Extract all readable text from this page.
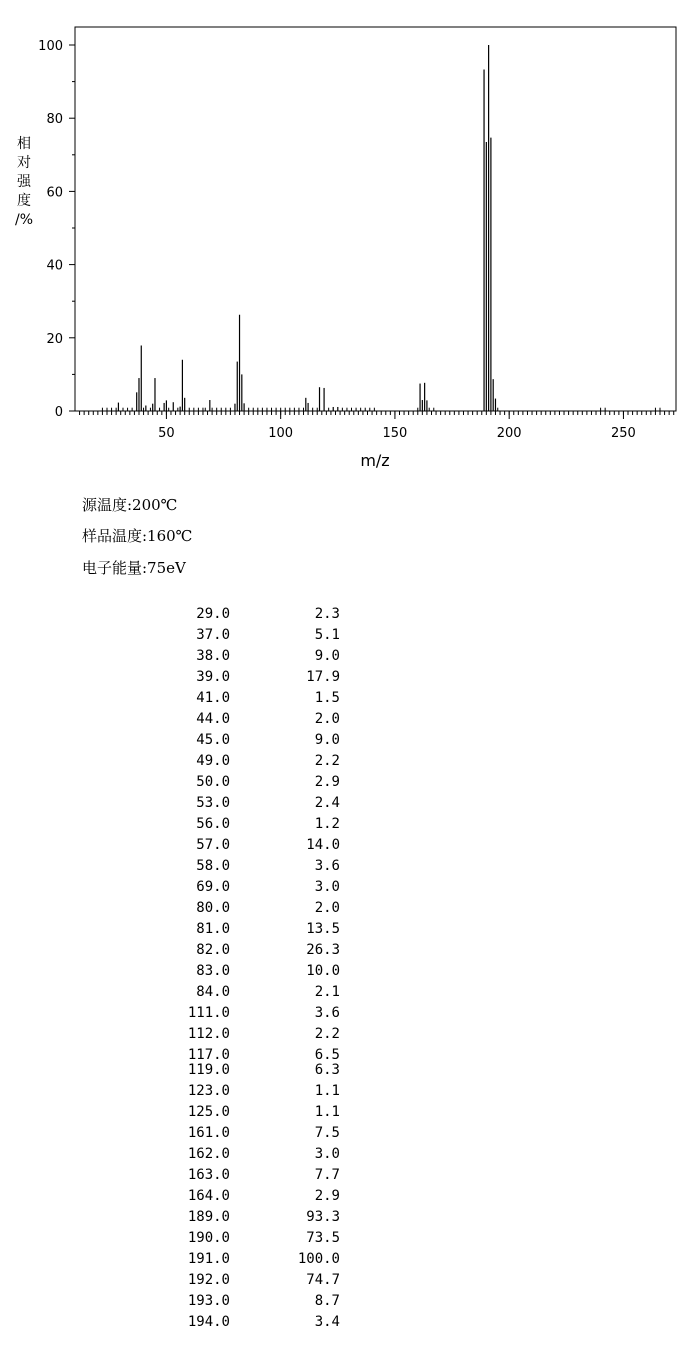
50	100	150	200	250
0
20
40
60
80
100
m/z
相
对
强
度
/%
源温度:200℃
样品温度:160℃
电子能量:75eV
29.0	2.3
37.0	5.1
38.0	9.0
39.0	17.9
41.0	1.5
44.0	2.0
45.0	9.0
49.0	2.2
50.0	2.9
53.0	2.4
56.0	1.2
57.0	14.0
58.0	3.6
69.0	3.0
80.0	2.0
81.0	13.5
82.0	26.3
83.0	10.0
84.0	2.1
111.0	3.6
112.0	2.2
117.0	6.5
119.0	6.3
123.0	1.1
125.0	1.1
161.0	7.5
162.0	3.0
163.0	7.7
164.0	2.9
189.0	93.3
190.0	73.5
191.0	100.0
192.0	74.7
193.0	8.7
194.0	3.4
